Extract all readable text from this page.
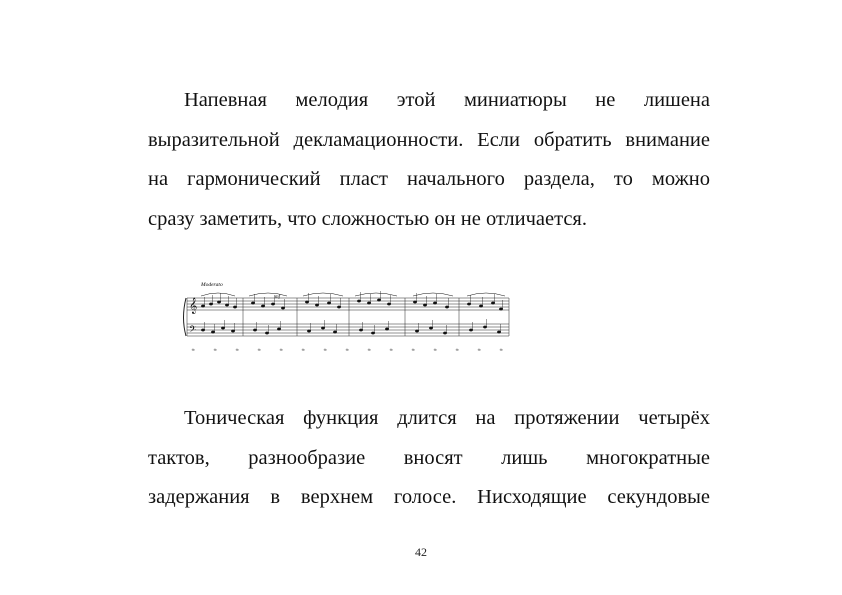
Напевная мелодия этой миниатюры не лишена
выразительной декламационности. Если обратить внимание
на гармонический пласт начального раздела, то можно
сразу заметить, что сложностью он не отличается.

Moderato
mf
𝄞
𝄢
𝆮	𝆮	𝆮	𝆮	𝆮	𝆮	𝆮	𝆮	𝆮	𝆮	𝆮	𝆮	𝆮	𝆮	𝆮

Тоническая функция длится на протяжении четырёх
тактов, разнообразие вносят лишь многократные
задержания в верхнем голосе. Нисходящие секундовые

42
